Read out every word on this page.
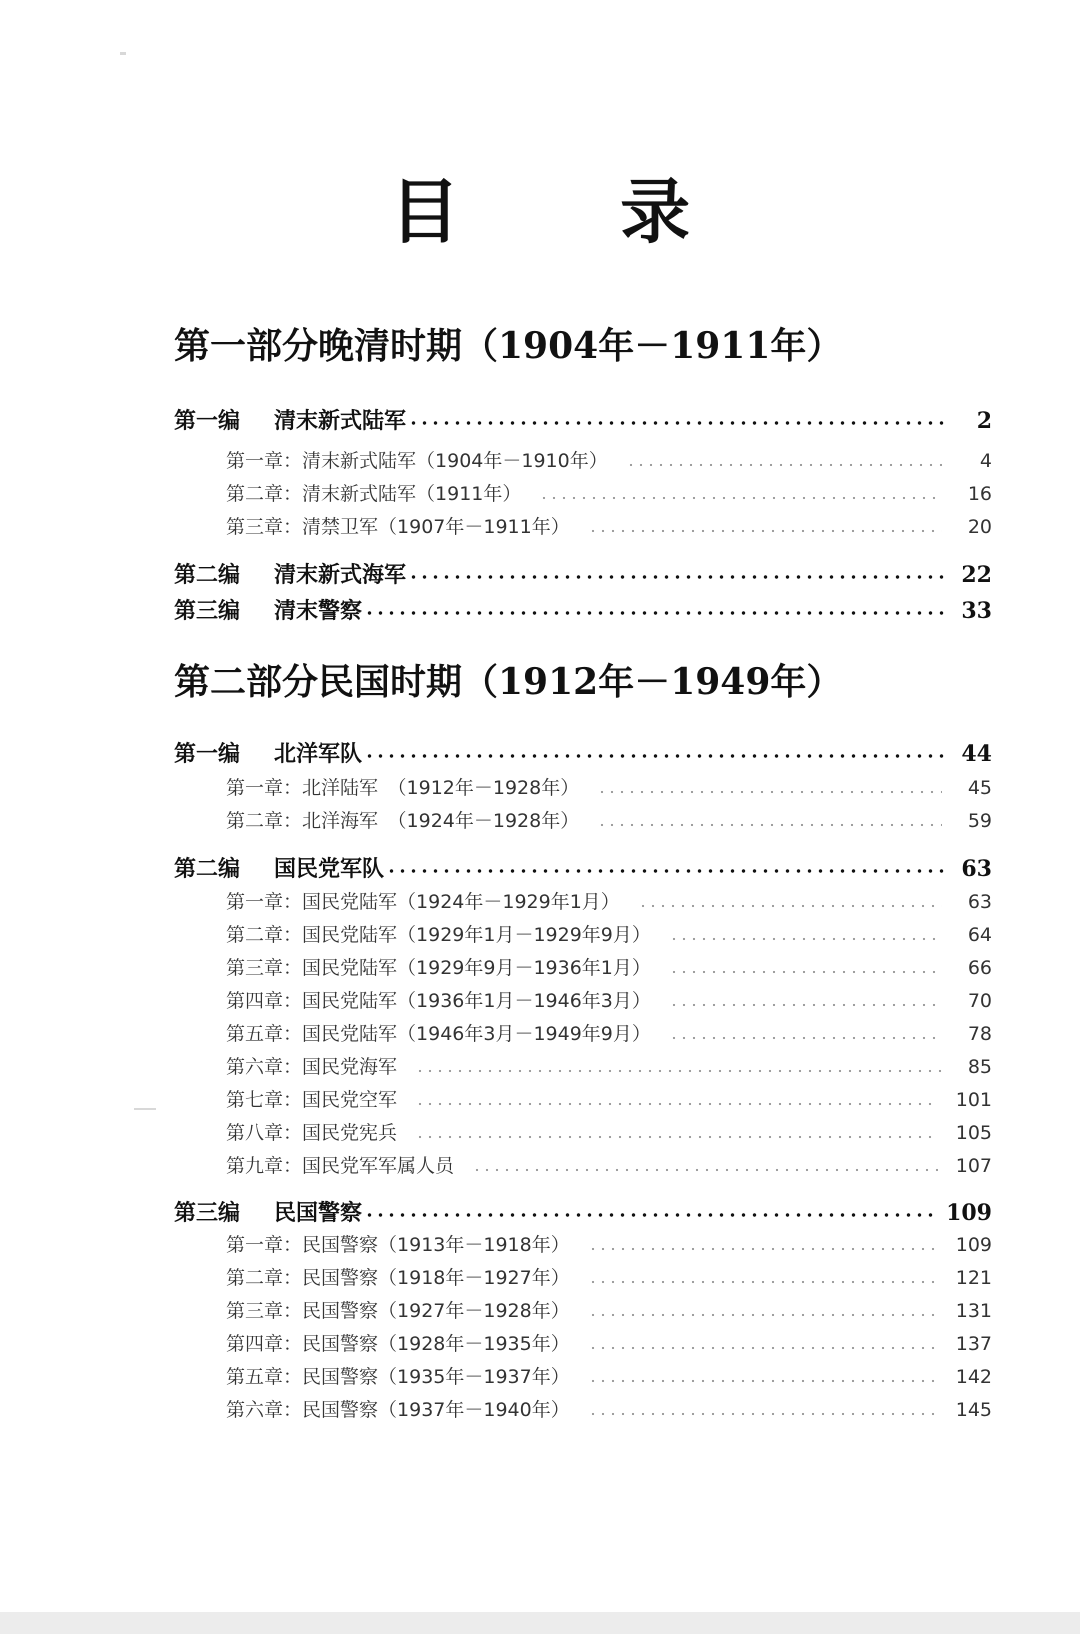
目 录
第一部分晚清时期（1904年－1911年）
第一编	清末新式陆军	2
第一章： 清末新式陆军（1904年－1910年）	4
第二章： 清末新式陆军（1911年）	16
第三章： 清禁卫军（1907年－1911年）	20
第二编	清末新式海军	22
第三编	清末警察	33
第二部分民国时期（1912年－1949年）
第一编	北洋军队	44
第一章： 北洋陆军　（1912年－1928年）	45
第二章： 北洋海军　（1924年－1928年）	59
第二编	国民党军队	63
第一章： 国民党陆军（1924年－1929年1月）	63
第二章： 国民党陆军（1929年1月－1929年9月）	64
第三章： 国民党陆军（1929年9月－1936年1月）	66
第四章： 国民党陆军（1936年1月－1946年3月）	70
第五章： 国民党陆军（1946年3月－1949年9月）	78
第六章： 国民党海军	85
第七章： 国民党空军	101
第八章： 国民党宪兵	105
第九章： 国民党军军属人员	107
第三编	民国警察	109
第一章： 民国警察（1913年－1918年）	109
第二章： 民国警察（1918年－1927年）	121
第三章： 民国警察（1927年－1928年）	131
第四章： 民国警察（1928年－1935年）	137
第五章： 民国警察（1935年－1937年）	142
第六章： 民国警察（1937年－1940年）	145
